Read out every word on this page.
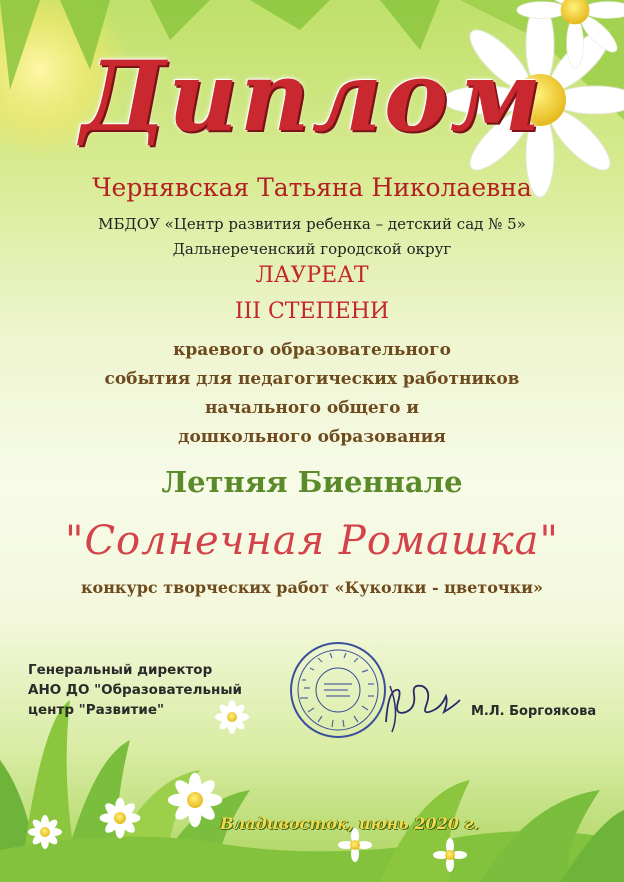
Диплом
Чернявская Татьяна Николаевна
МБДОУ «Центр развития ребенка – детский сад № 5»
Дальнереченский городской округ
ЛАУРЕАТ
III СТЕПЕНИ
краевого образовательного
события для педагогических работников
начального общего и
дошкольного образования
Летняя Биеннале
"Солнечная Ромашка"
конкурс творческих работ «Куколки - цветочки»
Генеральный директор
АНО ДО "Образовательный
центр "Развитие"	М.Л. Боргоякова
Владивосток, июнь 2020 г.
